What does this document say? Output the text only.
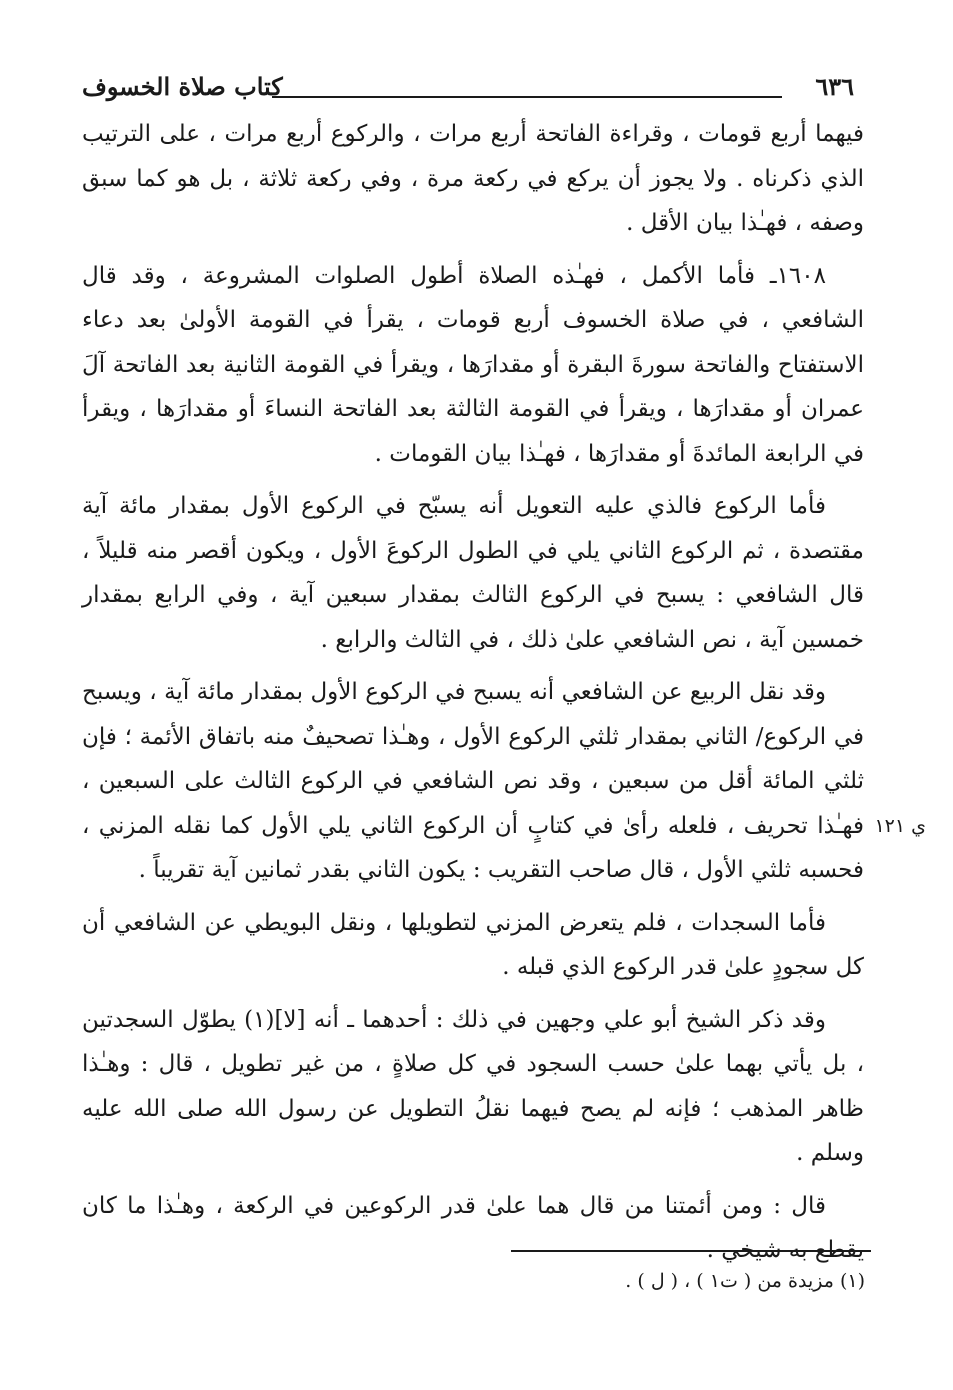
٦٣٦
كتاب صلاة الخسوف

فيهما أربع قومات ، وقراءة الفاتحة أربع مرات ، والركوع أربع مرات ، على الترتيب الذي ذكرناه . ولا يجوز أن يركع في ركعة مرة ، وفي ركعة ثلاثة ، بل هو كما سبق وصفه ، فهـٰذا بيان الأقل .

١٦٠٨ـ فأما الأكمل ، فهـٰذه الصلاة أطول الصلوات المشروعة ، وقد قال الشافعي ، في صلاة الخسوف أربع قومات ، يقرأ في القومة الأولىٰ بعد دعاء الاستفتاح والفاتحة سورةَ البقرة أو مقدارَها ، ويقرأ في القومة الثانية بعد الفاتحة آلَ عمران أو مقدارَها ، ويقرأ في القومة الثالثة بعد الفاتحة النساءَ أو مقدارَها ، ويقرأ في الرابعة المائدةَ أو مقدارَها ، فهـٰذا بيان القومات .

فأما الركوع فالذي عليه التعويل أنه يسبّح في الركوع الأول بمقدار مائة آية مقتصدة ، ثم الركوع الثاني يلي في الطول الركوعَ الأول ، ويكون أقصر منه قليلاً ، قال الشافعي : يسبح في الركوع الثالث بمقدار سبعين آية ، وفي الرابع بمقدار خمسين آية ، نص الشافعي علىٰ ذلك ، في الثالث والرابع .

وقد نقل الربيع عن الشافعي أنه يسبح في الركوع الأول بمقدار مائة آية ، ويسبح في الركوع/ الثاني بمقدار ثلثي الركوع الأول ، وهـٰذا تصحيفٌ منه باتفاق الأئمة ؛ فإن ثلثي المائة أقل من سبعين ، وقد نص الشافعي في الركوع الثالث على السبعين ، فهـٰذا تحريف ، فلعله رأىٰ في كتابٍ أن الركوع الثاني يلي الأول كما نقله المزني ، فحسبه ثلثي الأول ، قال صاحب التقريب : يكون الثاني بقدر ثمانين آية تقريباً .

فأما السجدات ، فلم يتعرض المزني لتطويلها ، ونقل البويطي عن الشافعي أن كل سجودٍ علىٰ قدر الركوع الذي قبله .

وقد ذكر الشيخ أبو علي وجهين في ذلك : أحدهما ـ أنه [لا](١) يطوّل السجدتين ، بل يأتي بهما علىٰ حسب السجود في كل صلاةٍ ، من غير تطويل ، قال : وهـٰذا ظاهر المذهب ؛ فإنه لم يصح فيهما نقلُ التطويل عن رسول الله صلى الله عليه وسلم .

قال : ومن أئمتنا من قال هما علىٰ قدر الركوعين في الركعة ، وهـٰذا ما كان يقطع به شيخي .

ي ١٢١
(١) مزيدة من ( ت١ ) ، ( ل ) .
